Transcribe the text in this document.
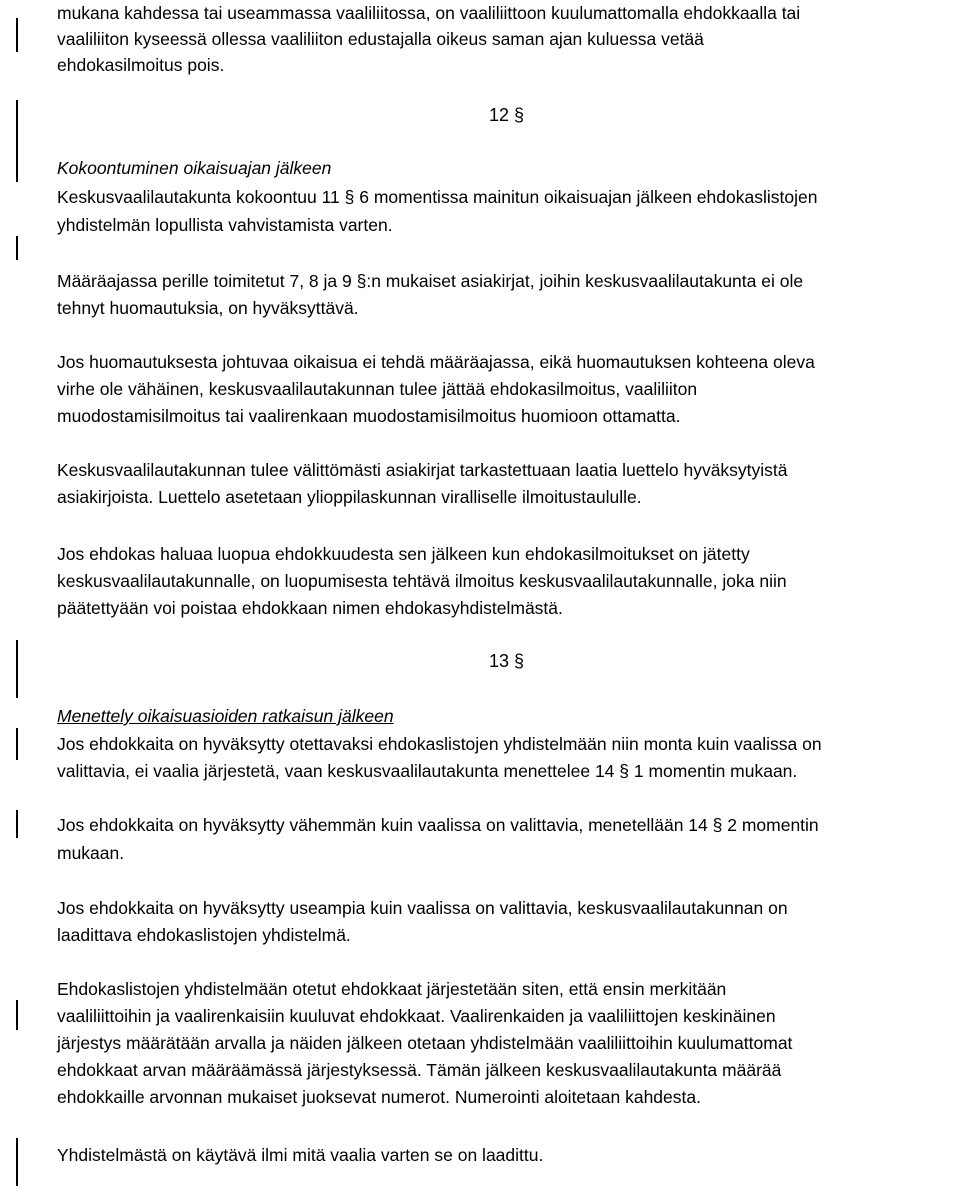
mukana kahdessa tai useammassa vaaliliitossa, on vaaliliittoon kuulumattomalla ehdokkaalla tai
vaaliliiton kyseessä ollessa vaaliliiton edustajalla oikeus saman ajan kuluessa vetää
ehdokasilmoitus pois.
12 §
Kokoontuminen oikaisuajan jälkeen
Keskusvaalilautakunta kokoontuu 11 § 6 momentissa mainitun oikaisuajan jälkeen ehdokaslistojen
yhdistelmän lopullista vahvistamista varten.
Määräajassa perille toimitetut 7, 8 ja 9 §:n mukaiset asiakirjat, joihin keskusvaalilautakunta ei ole
tehnyt huomautuksia, on hyväksyttävä.
Jos huomautuksesta johtuvaa oikaisua ei tehdä määräajassa, eikä huomautuksen kohteena oleva
virhe ole vähäinen, keskusvaalilautakunnan tulee jättää ehdokasilmoitus, vaaliliiton
muodostamisilmoitus tai vaalirenkaan muodostamisilmoitus huomioon ottamatta.
Keskusvaalilautakunnan tulee välittömästi asiakirjat tarkastettuaan laatia luettelo hyväksytyistä
asiakirjoista. Luettelo asetetaan ylioppilaskunnan viralliselle ilmoitustaululle.
Jos ehdokas haluaa luopua ehdokkuudesta sen jälkeen kun ehdokasilmoitukset on jätetty
keskusvaalilautakunnalle, on luopumisesta tehtävä ilmoitus keskusvaalilautakunnalle, joka niin
päätettyään voi poistaa ehdokkaan nimen ehdokasyhdistelmästä.
13 §
Menettely oikaisuasioiden ratkaisun jälkeen
Jos ehdokkaita on hyväksytty otettavaksi ehdokaslistojen yhdistelmään niin monta kuin vaalissa on
valittavia, ei vaalia järjestetä, vaan keskusvaalilautakunta menettelee 14 § 1 momentin mukaan.
Jos ehdokkaita on hyväksytty vähemmän kuin vaalissa on valittavia, menetellään 14 § 2 momentin
mukaan.
Jos ehdokkaita on hyväksytty useampia kuin vaalissa on valittavia, keskusvaalilautakunnan on
laadittava ehdokaslistojen yhdistelmä.
Ehdokaslistojen yhdistelmään otetut ehdokkaat järjestetään siten, että ensin merkitään
vaaliliittoihin ja vaalirenkaisiin kuuluvat ehdokkaat. Vaalirenkaiden ja vaaliliittojen keskinäinen
järjestys määrätään arvalla ja näiden jälkeen otetaan yhdistelmään vaaliliittoihin kuulumattomat
ehdokkaat arvan määräämässä järjestyksessä. Tämän jälkeen keskusvaalilautakunta määrää
ehdokkaille arvonnan mukaiset juoksevat numerot. Numerointi aloitetaan kahdesta.
Yhdistelmästä on käytävä ilmi mitä vaalia varten se on laadittu.
